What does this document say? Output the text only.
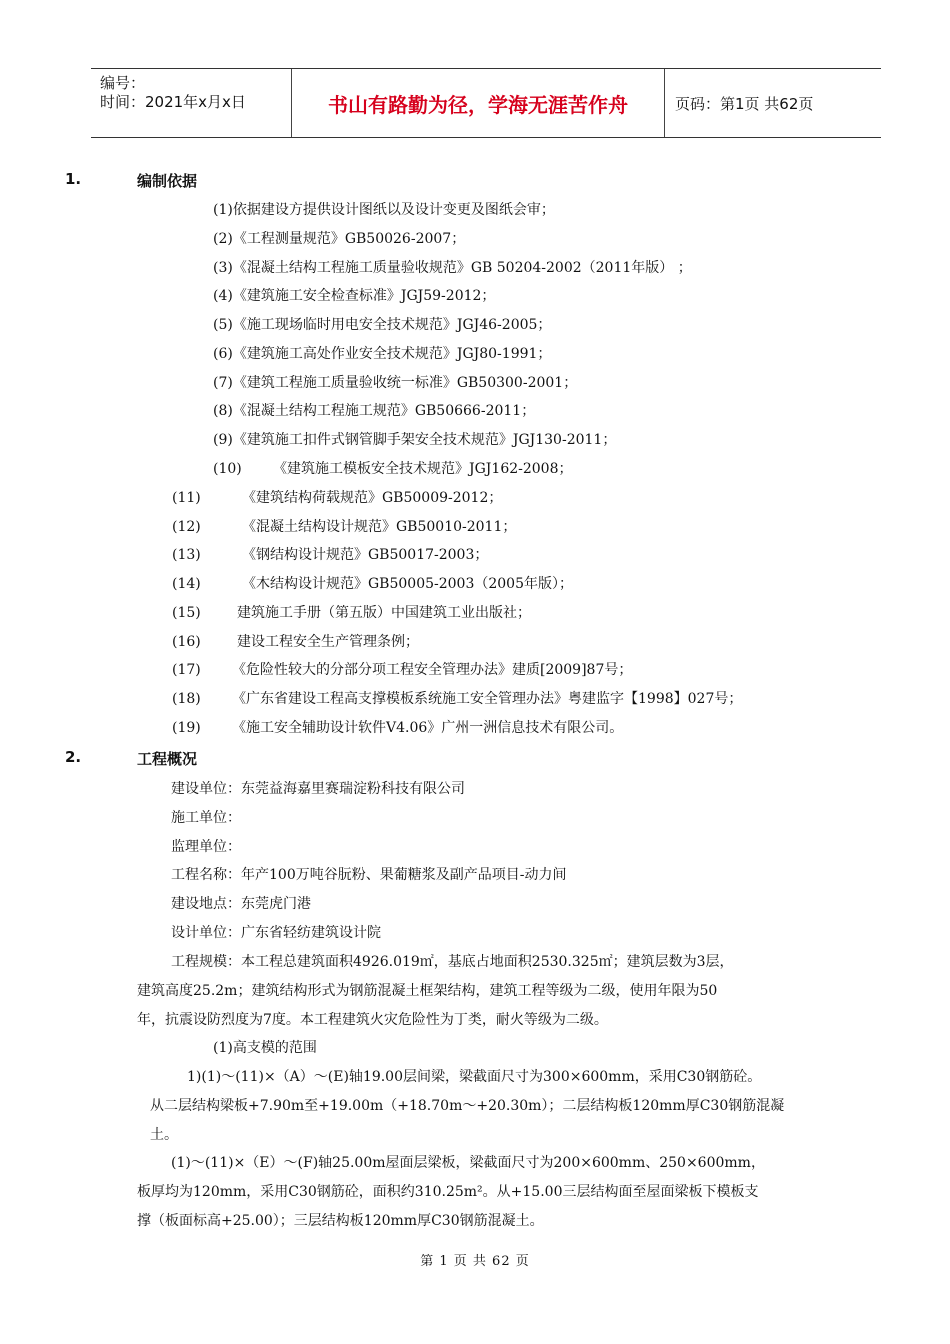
编号：
时间：2021年x月x日	书山有路勤为径，学海无涯苦作舟	页码：第1页 共62页
1.	编制依据
(1)依据建设方提供设计图纸以及设计变更及图纸会审；
(2)《工程测量规范》GB50026-2007；
(3)《混凝土结构工程施工质量验收规范》GB 50204-2002（2011年版） ；
(4)《建筑施工安全检查标准》JGJ59-2012；
(5)《施工现场临时用电安全技术规范》JGJ46-2005；
(6)《建筑施工高处作业安全技术规范》JGJ80-1991；
(7)《建筑工程施工质量验收统一标准》GB50300-2001；
(8)《混凝土结构工程施工规范》GB50666-2011；
(9)《建筑施工扣件式钢管脚手架安全技术规范》JGJ130-2011；
(10) 《建筑施工模板安全技术规范》JGJ162-2008；
(11)	《建筑结构荷载规范》GB50009-2012；
(12)	《混凝土结构设计规范》GB50010-2011；
(13)	《钢结构设计规范》GB50017-2003；
(14)	《木结构设计规范》GB50005-2003（2005年版）；
(15)	建筑施工手册（第五版）中国建筑工业出版社；
(16)	建设工程安全生产管理条例；
(17) 《危险性较大的分部分项工程安全管理办法》建质[2009]87号；
(18) 《广东省建设工程高支撑模板系统施工安全管理办法》粤建监字【1998】027号；
(19) 《施工安全辅助设计软件V4.06》广州一洲信息技术有限公司。
2.	工程概况
建设单位：东莞益海嘉里赛瑞淀粉科技有限公司
施工单位：
监理单位：
工程名称：年产100万吨谷朊粉、果葡糖浆及副产品项目-动力间
建设地点：东莞虎门港
设计单位：广东省轻纺建筑设计院
工程规模：本工程总建筑面积4926.019㎡，基底占地面积2530.325㎡；建筑层数为3层，
建筑高度25.2m；建筑结构形式为钢筋混凝土框架结构，建筑工程等级为二级，使用年限为50
年，抗震设防烈度为7度。本工程建筑火灾危险性为丁类，耐火等级为二级。
(1)高支模的范围
1)(1)～(11)×（A）～(E)轴19.00层间梁，梁截面尺寸为300×600mm，采用C30钢筋砼。
从二层结构梁板+7.90m至+19.00m（+18.70m～+20.30m）；二层结构板120mm厚C30钢筋混凝
土。
(1)～(11)×（E）～(F)轴25.00m屋面层梁板，梁截面尺寸为200×600mm、250×600mm，
板厚均为120mm，采用C30钢筋砼，面积约310.25m²。从+15.00三层结构面至屋面梁板下模板支
撑（板面标高+25.00）；三层结构板120mm厚C30钢筋混凝土。
第 1 页 共 62 页
